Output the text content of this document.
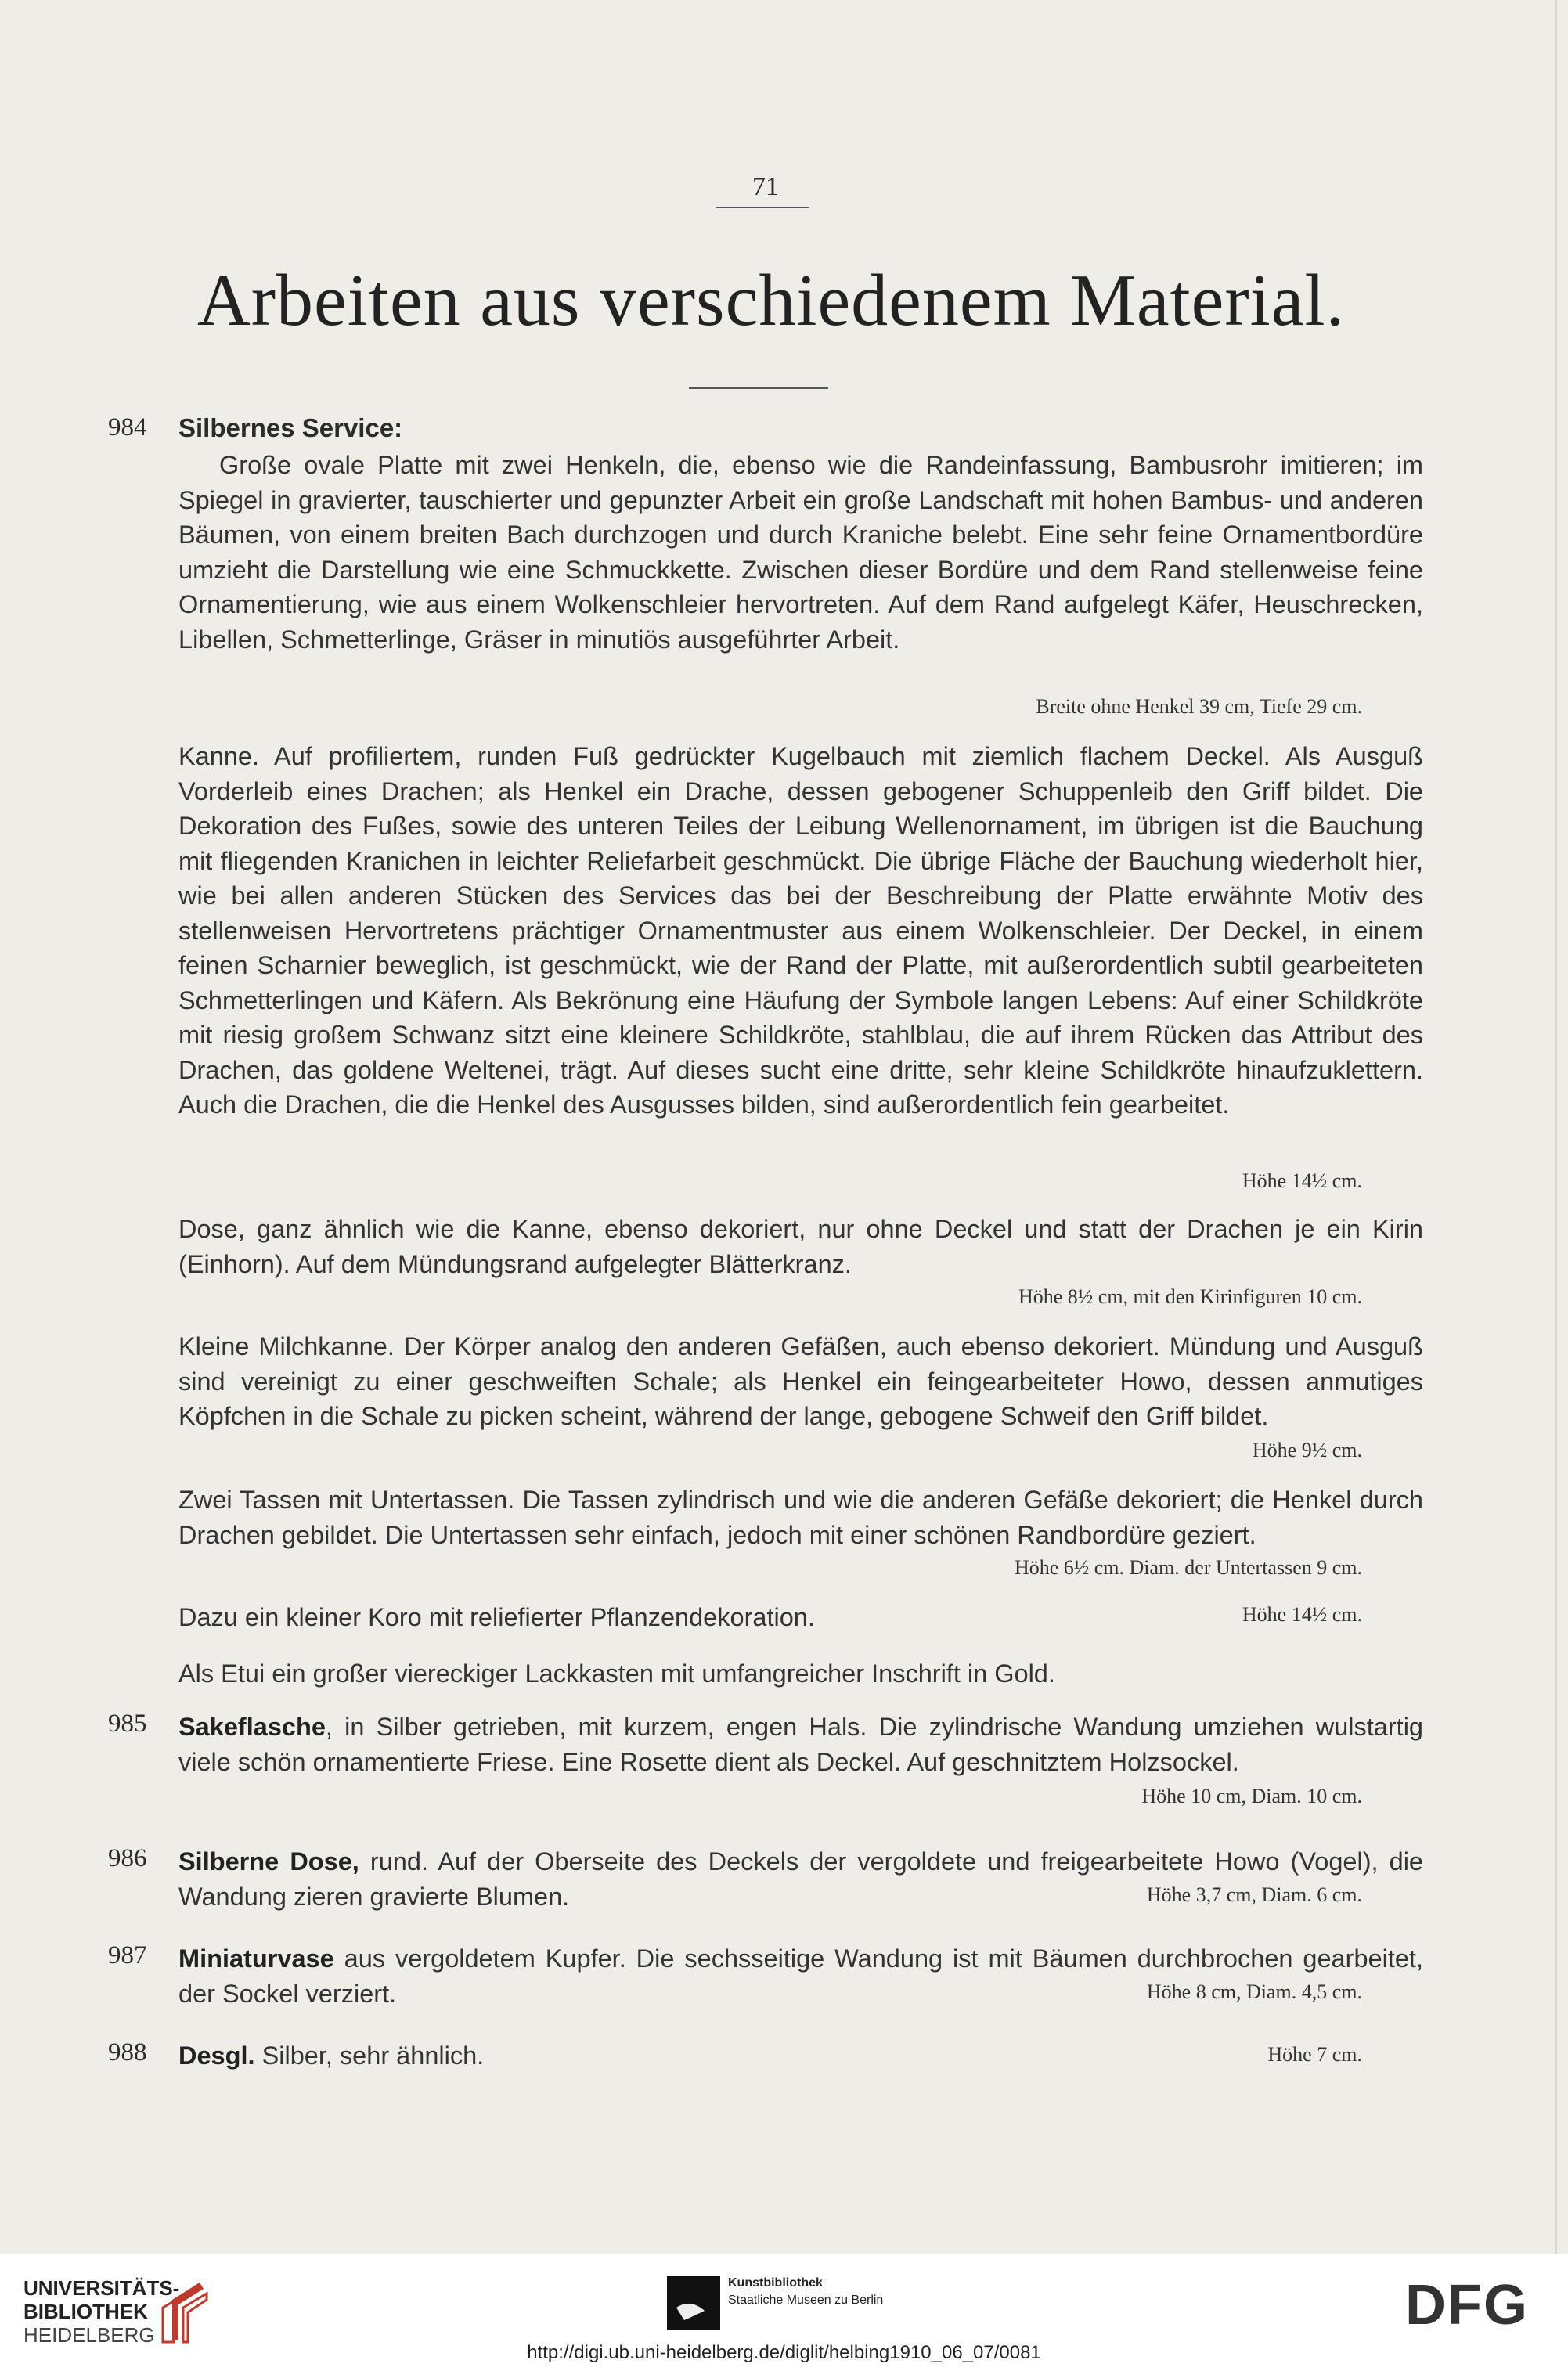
71
Arbeiten aus verschiedenem Material.
984 Silbernes Service:
Große ovale Platte mit zwei Henkeln, die, ebenso wie die Randeinfassung, Bambusrohr imitieren; im Spiegel in gravierter, tauschierter und gepunzter Arbeit ein große Landschaft mit hohen Bambus- und anderen Bäumen, von einem breiten Bach durchzogen und durch Kraniche belebt. Eine sehr feine Ornamentbordüre umzieht die Darstellung wie eine Schmuckkette. Zwischen dieser Bordüre und dem Rand stellenweise feine Ornamentierung, wie aus einem Wolkenschleier hervortreten. Auf dem Rand aufgelegt Käfer, Heuschrecken, Libellen, Schmetterlinge, Gräser in minutiös ausgeführter Arbeit.
Breite ohne Henkel 39 cm, Tiefe 29 cm.
Kanne. Auf profiliertem, runden Fuß gedrückter Kugelbauch mit ziemlich flachem Deckel. Als Ausguß Vorderleib eines Drachen; als Henkel ein Drache, dessen gebogener Schuppenleib den Griff bildet. Die Dekoration des Fußes, sowie des unteren Teiles der Leibung Wellenornament, im übrigen ist die Bauchung mit fliegenden Kranichen in leichter Reliefarbeit geschmückt. Die übrige Fläche der Bauchung wiederholt hier, wie bei allen anderen Stücken des Services das bei der Beschreibung der Platte erwähnte Motiv des stellenweisen Hervortretens prächtiger Ornamentmuster aus einem Wolkenschleier. Der Deckel, in einem feinen Scharnier beweglich, ist geschmückt, wie der Rand der Platte, mit außerordentlich subtil gearbeiteten Schmetterlingen und Käfern. Als Bekrönung eine Häufung der Symbole langen Lebens: Auf einer Schildkröte mit riesig großem Schwanz sitzt eine kleinere Schildkröte, stahlblau, die auf ihrem Rücken das Attribut des Drachen, das goldene Weltenei, trägt. Auf dieses sucht eine dritte, sehr kleine Schildkröte hinaufzuklettern. Auch die Drachen, die die Henkel des Ausgusses bilden, sind außerordentlich fein gearbeitet.
Höhe 14½ cm.
Dose, ganz ähnlich wie die Kanne, ebenso dekoriert, nur ohne Deckel und statt der Drachen je ein Kirin (Einhorn). Auf dem Mündungsrand aufgelegter Blätterkranz.
Höhe 8½ cm, mit den Kirinfiguren 10 cm.
Kleine Milchkanne. Der Körper analog den anderen Gefäßen, auch ebenso dekoriert. Mündung und Ausguß sind vereinigt zu einer geschweiften Schale; als Henkel ein feingearbeiteter Howo, dessen anmutiges Köpfchen in die Schale zu picken scheint, während der lange, gebogene Schweif den Griff bildet.
Höhe 9½ cm.
Zwei Tassen mit Untertassen. Die Tassen zylindrisch und wie die anderen Gefäße dekoriert; die Henkel durch Drachen gebildet. Die Untertassen sehr einfach, jedoch mit einer schönen Randbordüre geziert.
Höhe 6½ cm. Diam. der Untertassen 9 cm.
Dazu ein kleiner Koro mit reliefierter Pflanzendekoration.	Höhe 14½ cm.
Als Etui ein großer viereckiger Lackkasten mit umfangreicher Inschrift in Gold.
985 Sakeflasche, in Silber getrieben, mit kurzem, engen Hals. Die zylindrische Wandung umziehen wulstartig viele schön ornamentierte Friese. Eine Rosette dient als Deckel. Auf geschnitztem Holzsockel.
Höhe 10 cm, Diam. 10 cm.
986 Silberne Dose, rund. Auf der Oberseite des Deckels der vergoldete und freigearbeitete Howo (Vogel), die Wandung zieren gravierte Blumen.	Höhe 3,7 cm, Diam. 6 cm.
987 Miniaturvase aus vergoldetem Kupfer. Die sechsseitige Wandung ist mit Bäumen durchbrochen gearbeitet, der Sockel verziert.	Höhe 8 cm, Diam. 4,5 cm.
988 Desgl. Silber, sehr ähnlich.	Höhe 7 cm.
UNIVERSITÄTS-
BIBLIOTHEK
HEIDELBERG
Kunstbibliothek
Staatliche Museen zu Berlin	DFG
http://digi.ub.uni-heidelberg.de/diglit/helbing1910_06_07/0081
